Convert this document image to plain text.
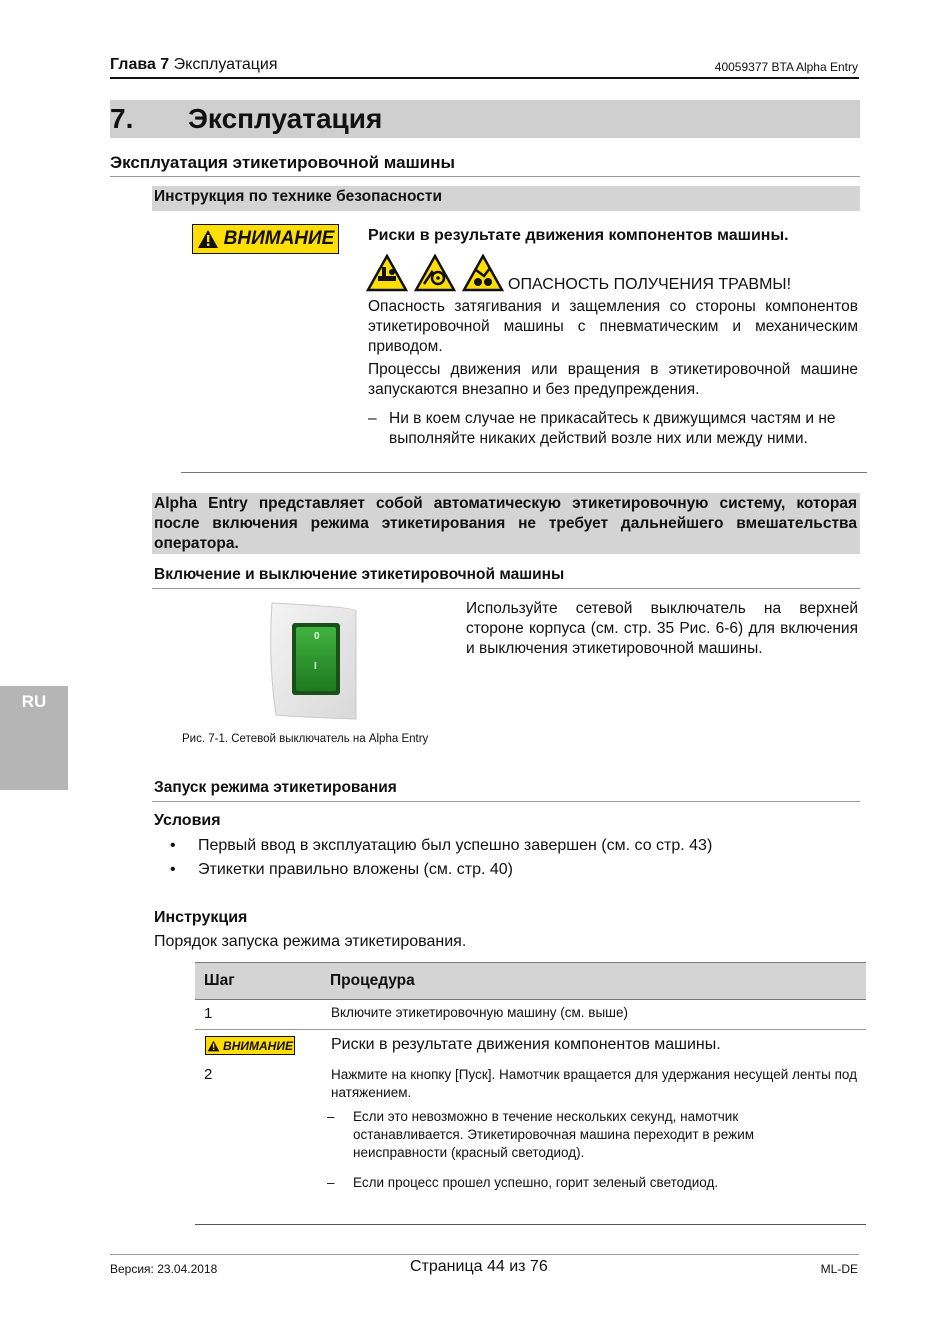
Глава 7 Эксплуатация	40059377 BTA Alpha Entry
7. Эксплуатация
Эксплуатация этикетировочной машины
Инструкция по технике безопасности
ВНИМАНИЕ Риски в результате движения компонентов машины.
ОПАСНОСТЬ ПОЛУЧЕНИЯ ТРАВМЫ!
Опасность затягивания и защемления со стороны компонентов этикетировочной машины с пневматическим и механическим приводом.
Процессы движения или вращения в этикетировочной машине запускаются внезапно и без предупреждения.
– Ни в коем случае не прикасайтесь к движущимся частям и не выполняйте никаких действий возле них или между ними.
Alpha Entry представляет собой автоматическую этикетировочную систему, которая после включения режима этикетирования не требует дальнейшего вмешательства оператора.
Включение и выключение этикетировочной машины
0
I
Используйте сетевой выключатель на верхней стороне корпуса (см. стр. 35 Рис. 6-6) для включения и выключения этикетировочной машины.
Рис. 7-1. Сетевой выключатель на Alpha Entry
RU
Запуск режима этикетирования
Условия
• Первый ввод в эксплуатацию был успешно завершен (см. со стр. 43)
• Этикетки правильно вложены (см. стр. 40)
Инструкция
Порядок запуска режима этикетирования.
Шаг	Процедура
1	Включите этикетировочную машину (см. выше)
ВНИМАНИЕ Риски в результате движения компонентов машины.
2	Нажмите на кнопку [Пуск]. Намотчик вращается для удержания несущей ленты под натяжением.
–	Если это невозможно в течение нескольких секунд, намотчик останавливается. Этикетировочная машина переходит в режим неисправности (красный светодиод).
–	Если процесс прошел успешно, горит зеленый светодиод.
Версия: 23.04.2018	Страница 44 из 76	ML-DE
